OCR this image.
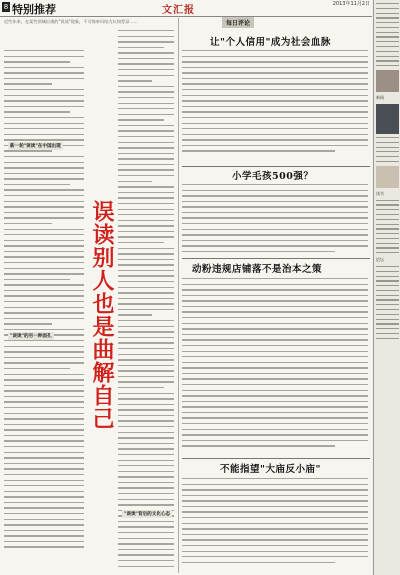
8 特别推荐	文汇报
2013年11月2日
近些年来，在某些领域出现的"误读"现象，不可简单归结为认知差异……
新一轮"误读"在中国出现
"误读"的另一种面孔 误读别人也是曲解自己
"误读"背后的文化心态
每日评论
让"个人信用"成为社会血脉
小学毛孩500强？
动粉违规店铺落不是治本之策
不能指望"大庙反小庙"
新闻
读书
论坛
